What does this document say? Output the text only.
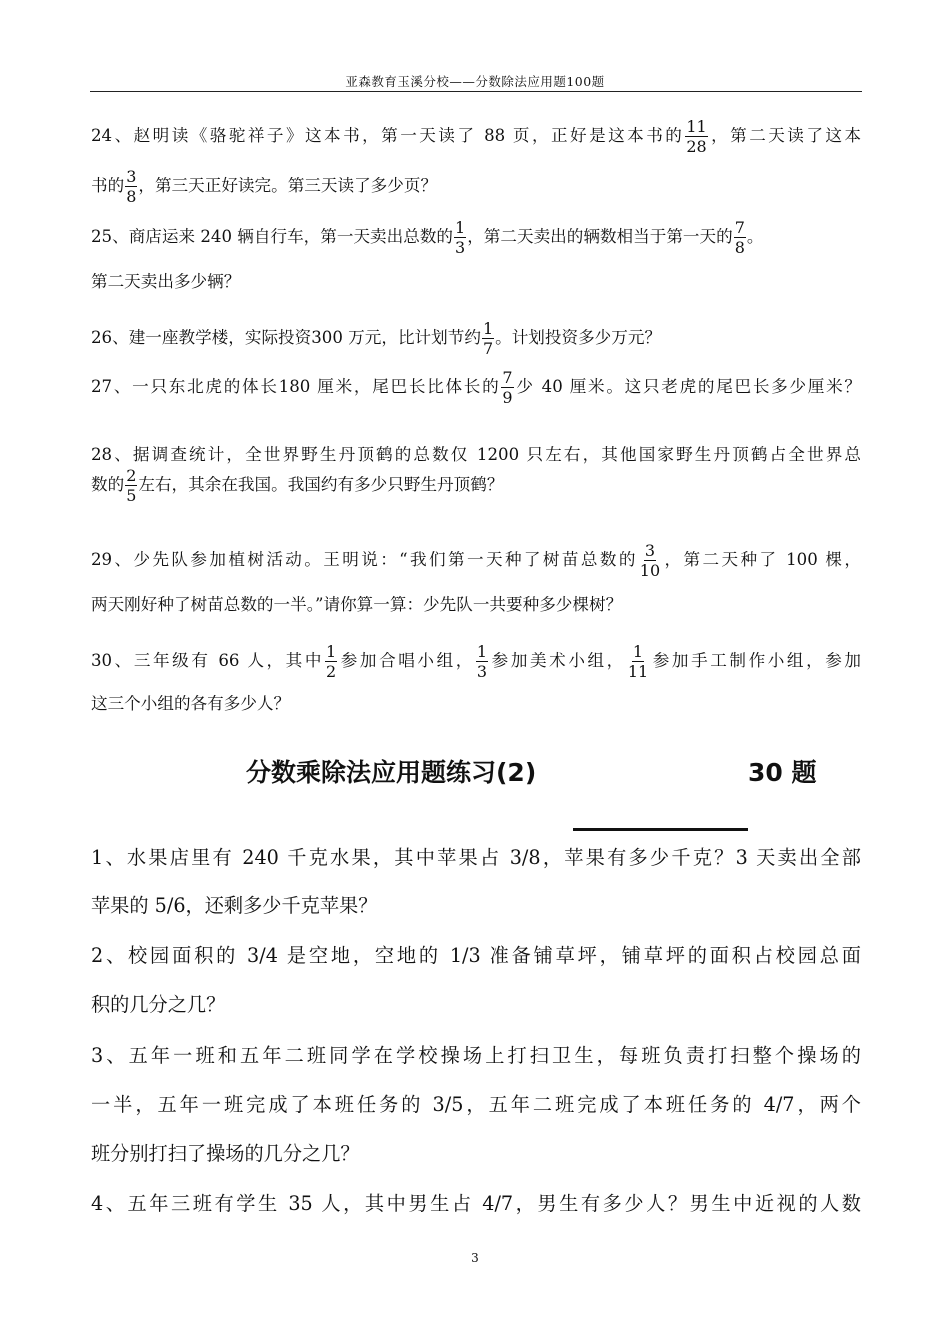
亚森教育玉溪分校——分数除法应用题100题
24、赵明读《骆驼祥子》这本书，第一天读了 88 页，正好是这本书的 $\frac{11}{28}$ ，第二天读了这本
书的 $\frac{3}{8}$ ，第三天正好读完。第三天读了多少页？
25、商店运来 240 辆自行车，第一天卖出总数的 $\frac{1}{3}$ ，第二天卖出的辆数相当于第一天的 $\frac{7}{8}$ 。
第二天卖出多少辆？
26、建一座教学楼，实际投资300 万元，比计划节约 $\frac{1}{7}$ 。计划投资多少万元？
27、一只东北虎的体长180 厘米，尾巴长比体长的 $\frac{7}{9}$ 少 40 厘米。这只老虎的尾巴长多少厘米？
28、据调查统计，全世界野生丹顶鹤的总数仅 1200 只左右，其他国家野生丹顶鹤占全世界总
数的 $\frac{2}{5}$ 左右，其余在我国。我国约有多少只野生丹顶鹤？
29、少先队参加植树活动。王明说：“我们第一天种了树苗总数的 $\frac{3}{10}$ ，第二天种了 100 棵，
两天刚好种了树苗总数的一半。”请你算一算：少先队一共要种多少棵树？
30、三年级有 66 人，其中 $\frac{1}{2}$ 参加合唱小组， $\frac{1}{3}$ 参加美术小组， $\frac{1}{11}$ 参加手工制作小组，参加
这三个小组的各有多少人？
分数乘除法应用题练习(2)	30 题
1、水果店里有 240 千克水果，其中苹果占 3/8，苹果有多少千克？3 天卖出全部
苹果的 5/6，还剩多少千克苹果？
2、校园面积的 3/4 是空地，空地的 1/3 准备铺草坪，铺草坪的面积占校园总面
积的几分之几？
3、五年一班和五年二班同学在学校操场上打扫卫生，每班负责打扫整个操场的
一半，五年一班完成了本班任务的 3/5，五年二班完成了本班任务的 4/7，两个
班分别打扫了操场的几分之几？
4、五年三班有学生 35 人，其中男生占 4/7，男生有多少人？男生中近视的人数
3
